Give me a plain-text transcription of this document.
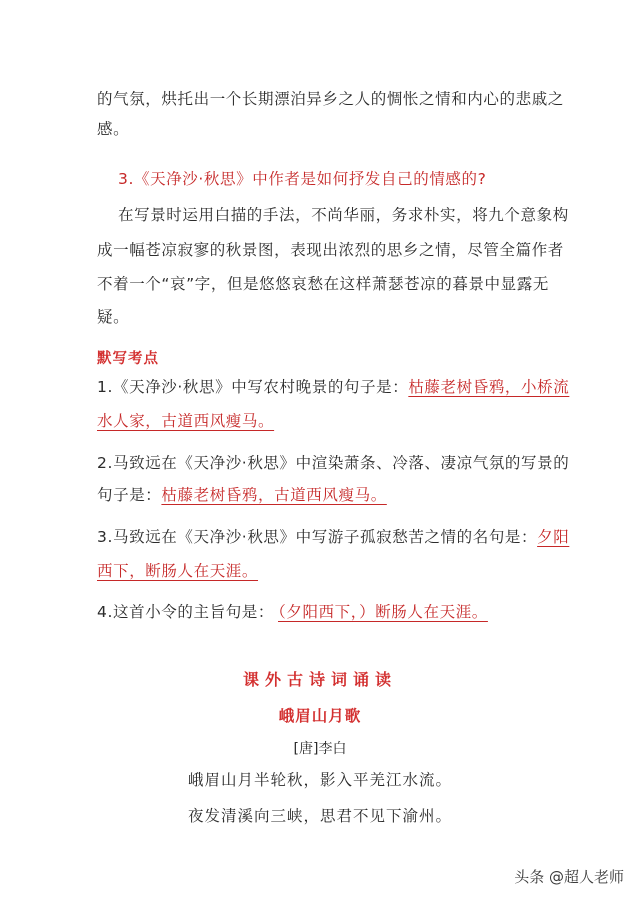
的气氛，烘托出一个长期漂泊异乡之人的惆怅之情和内心的悲戚之
感。
3.《天净沙·秋思》中作者是如何抒发自己的情感的?
在写景时运用白描的手法，不尚华丽，务求朴实，将九个意象构
成一幅苍凉寂寥的秋景图，表现出浓烈的思乡之情，尽管全篇作者
不着一个“哀”字，但是悠悠哀愁在这样萧瑟苍凉的暮景中显露无
疑。
默写考点
1.《天净沙·秋思》中写农村晚景的句子是：枯藤老树昏鸦，小桥流
水人家，古道西风瘦马。
2.马致远在《天净沙·秋思》中渲染萧条、冷落、凄凉气氛的写景的
句子是：枯藤老树昏鸦，古道西风瘦马。
3.马致远在《天净沙·秋思》中写游子孤寂愁苦之情的名句是：夕阳
西下，断肠人在天涯。
4.这首小令的主旨句是： （夕阳西下，）断肠人在天涯。
课外古诗词诵读
峨眉山月歌
[唐]李白
峨眉山月半轮秋，影入平羌江水流。
夜发清溪向三峡，思君不见下渝州。
头条 @超人老师
